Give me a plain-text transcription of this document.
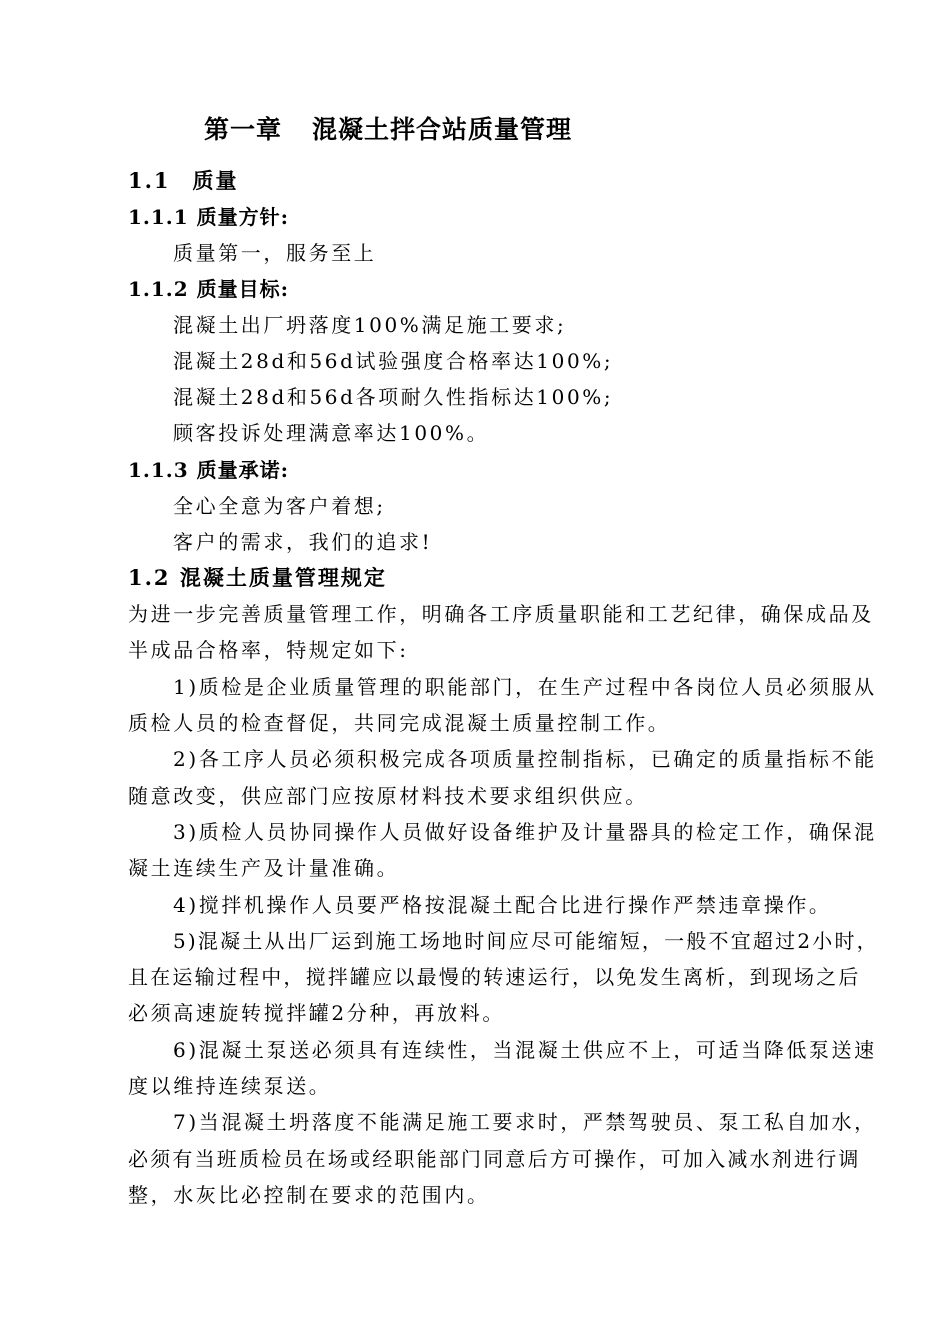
第一章 混凝土拌合站质量管理
1.1 质量
1.1.1 质量方针:
质量第一，服务至上
1.1.2 质量目标:
混凝土出厂坍落度100%满足施工要求;
混凝土28d和56d试验强度合格率达100%;
混凝土28d和56d各项耐久性指标达100%;
顾客投诉处理满意率达100%。
1.1.3 质量承诺:
全心全意为客户着想;
客户的需求，我们的追求!
1.2 混凝土质量管理规定
为进一步完善质量管理工作，明确各工序质量职能和工艺纪律，确保成品及
半成品合格率，特规定如下:
1)质检是企业质量管理的职能部门，在生产过程中各岗位人员必须服从
质检人员的检查督促，共同完成混凝土质量控制工作。
2)各工序人员必须积极完成各项质量控制指标，已确定的质量指标不能
随意改变，供应部门应按原材料技术要求组织供应。
3)质检人员协同操作人员做好设备维护及计量器具的检定工作，确保混
凝土连续生产及计量准确。
4)搅拌机操作人员要严格按混凝土配合比进行操作严禁违章操作。
5)混凝土从出厂运到施工场地时间应尽可能缩短，一般不宜超过2小时，
且在运输过程中，搅拌罐应以最慢的转速运行，以免发生离析，到现场之后
必须高速旋转搅拌罐2分种，再放料。
6)混凝土泵送必须具有连续性，当混凝土供应不上，可适当降低泵送速
度以维持连续泵送。
7)当混凝土坍落度不能满足施工要求时，严禁驾驶员、泵工私自加水，
必须有当班质检员在场或经职能部门同意后方可操作，可加入减水剂进行调
整，水灰比必控制在要求的范围内。
